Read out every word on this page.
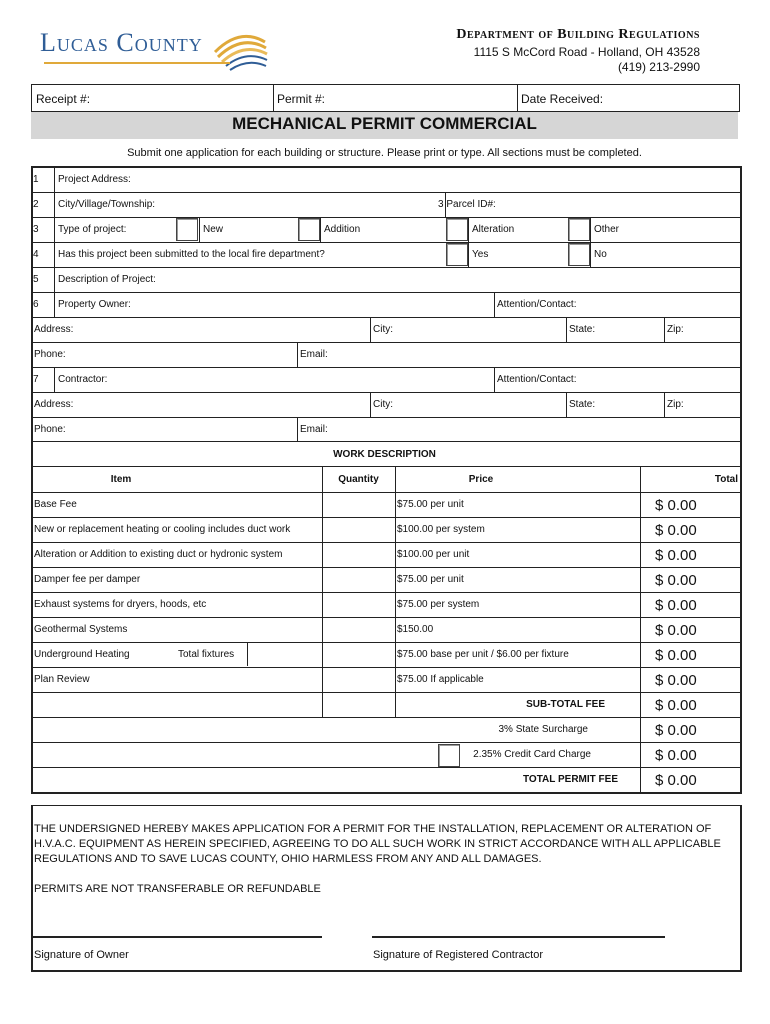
Lucas County	Department of Building Regulations
1115 S McCord Road - Holland, OH 43528
(419) 213-2990
Receipt #:	Permit #:	Date Received:
MECHANICAL PERMIT COMMERCIAL
Submit one application for each building or structure. Please print or type. All sections must be completed.
1 Project Address:
2 City/Village/Township:	3 Parcel ID#:
3 Type of project:	New	Addition	Alteration	Other
4 Has this project been submitted to the local fire department?	Yes	No
5 Description of Project:
6 Property Owner:	Attention/Contact:
Address:	City:	State:	Zip:
Phone:	Email:
7 Contractor:	Attention/Contact:
Address:	City:	State:	Zip:
Phone:	Email:
WORK DESCRIPTION
Item	Quantity	Price	Total
Base Fee	$75.00 per unit	$ 0.00
New or replacement heating or cooling includes duct work	$100.00 per system	$ 0.00
Alteration or Addition to existing duct or hydronic system	$100.00 per unit	$ 0.00
Damper fee per damper	$75.00 per unit	$ 0.00
Exhaust systems for dryers, hoods, etc	$75.00 per system	$ 0.00
Geothermal Systems	$150.00	$ 0.00
Underground Heating	Total fixtures	$75.00 base per unit / $6.00 per fixture	$ 0.00
Plan Review	$75.00 If applicable	$ 0.00
SUB-TOTAL FEE	$ 0.00
3% State Surcharge	$ 0.00
2.35% Credit Card Charge	$ 0.00
TOTAL PERMIT FEE $ 0.00
THE UNDERSIGNED HEREBY MAKES APPLICATION FOR A PERMIT FOR THE INSTALLATION, REPLACEMENT OR ALTERATION OF H.V.A.C. EQUIPMENT AS HEREIN SPECIFIED, AGREEING TO DO ALL SUCH WORK IN STRICT ACCORDANCE WITH ALL APPLICABLE REGULATIONS AND TO SAVE LUCAS COUNTY, OHIO HARMLESS FROM ANY AND ALL DAMAGES.
PERMITS ARE NOT TRANSFERABLE OR REFUNDABLE
Signature of Owner	Signature of Registered Contractor
